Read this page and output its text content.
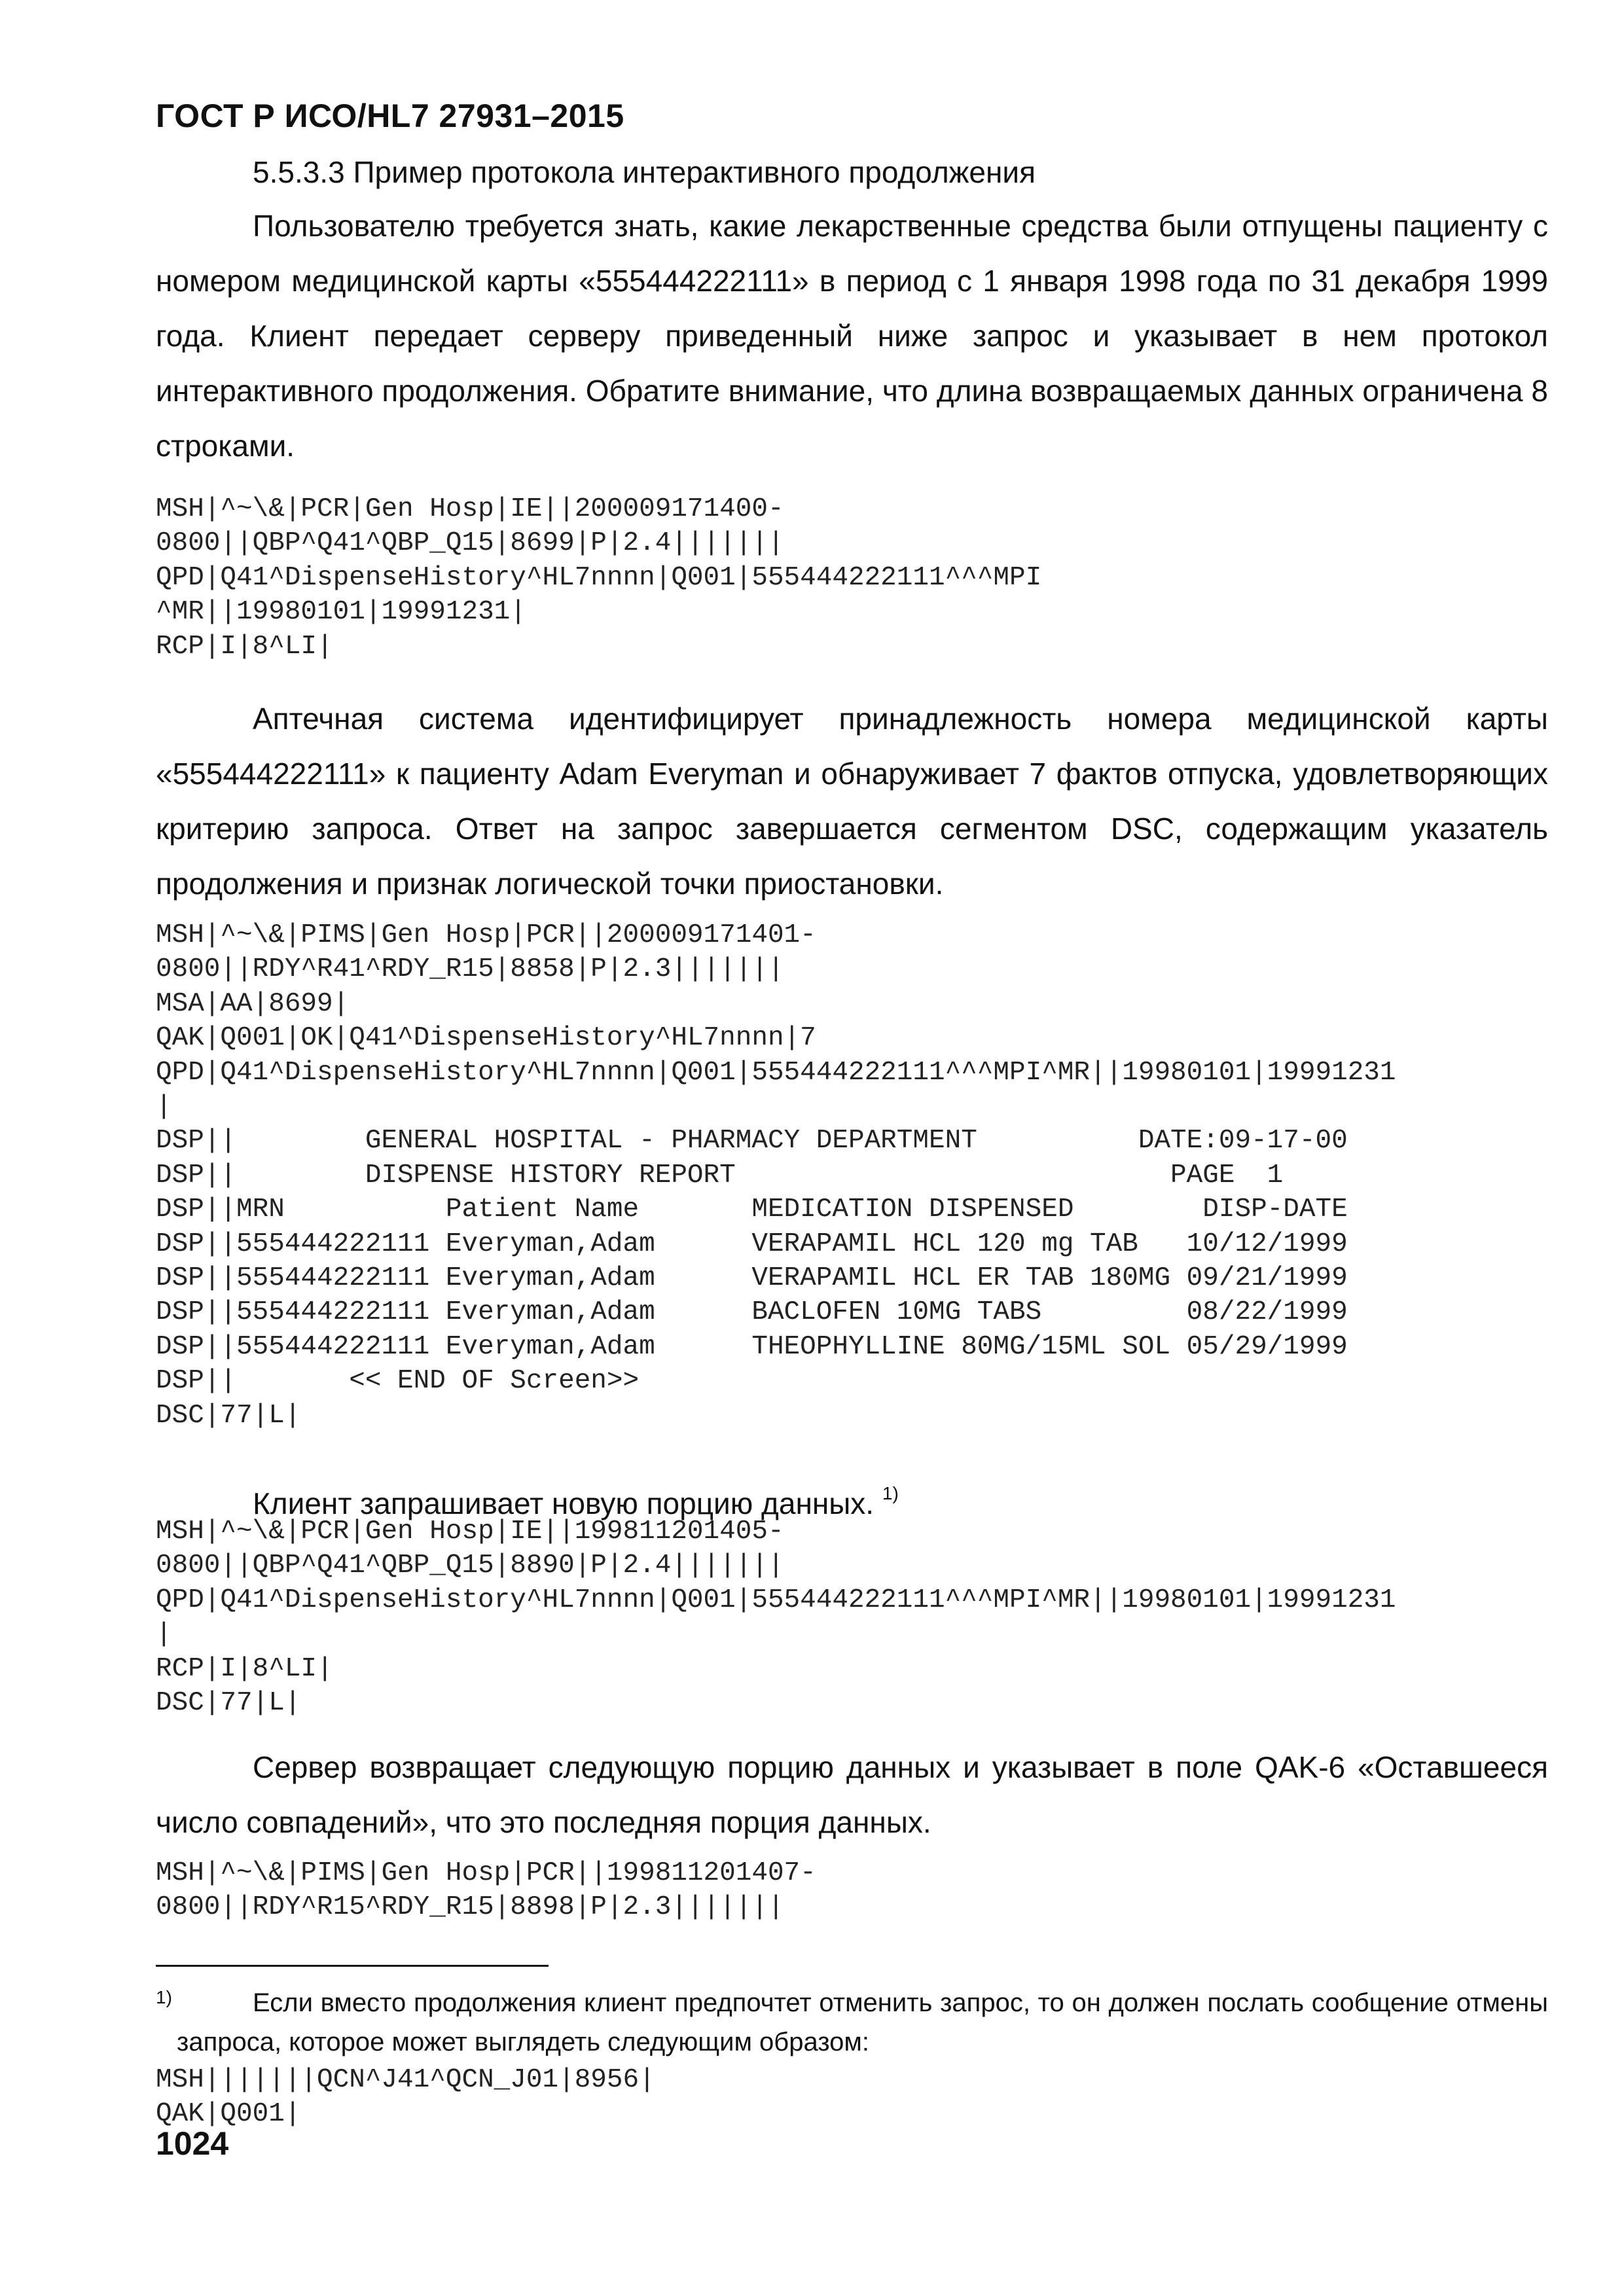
ГОСТ Р ИСО/HL7 27931–2015
5.5.3.3 Пример протокола интерактивного продолжения

Пользователю требуется знать, какие лекарственные средства были отпущены пациенту с номером медицинской карты «555444222111» в период с 1 января 1998 года по 31 декабря 1999 года. Клиент передает серверу приведенный ниже запрос и указывает в нем протокол интерактивного продолжения. Обратите внимание, что длина возвращаемых данных ограничена 8 строками.

MSH|^~\&|PCR|Gen Hosp|IE||200009171400-
0800||QBP^Q41^QBP_Q15|8699|P|2.4|||||||
QPD|Q41^DispenseHistory^HL7nnnn|Q001|555444222111^^^MPI
^MR||19980101|19991231|
RCP|I|8^LI|

Аптечная система идентифицирует принадлежность номера медицинской карты «555444222111» к пациенту Adam Everyman и обнаруживает 7 фактов отпуска, удовлетворяющих критерию запроса. Ответ на запрос завершается сегментом DSC, содержащим указатель продолжения и признак логической точки приостановки.

MSH|^~\&|PIMS|Gen Hosp|PCR||200009171401-
0800||RDY^R41^RDY_R15|8858|P|2.3|||||||
MSA|AA|8699|
QAK|Q001|OK|Q41^DispenseHistory^HL7nnnn|7
QPD|Q41^DispenseHistory^HL7nnnn|Q001|555444222111^^^MPI^MR||19980101|19991231
|
DSP||        GENERAL HOSPITAL - PHARMACY DEPARTMENT          DATE:09-17-00
DSP||        DISPENSE HISTORY REPORT                           PAGE  1
DSP||MRN          Patient Name       MEDICATION DISPENSED        DISP-DATE
DSP||555444222111 Everyman,Adam      VERAPAMIL HCL 120 mg TAB   10/12/1999
DSP||555444222111 Everyman,Adam      VERAPAMIL HCL ER TAB 180MG 09/21/1999
DSP||555444222111 Everyman,Adam      BACLOFEN 10MG TABS         08/22/1999
DSP||555444222111 Everyman,Adam      THEOPHYLLINE 80MG/15ML SOL 05/29/1999
DSP||       << END OF Screen>>
DSC|77|L|

Клиент запрашивает новую порцию данных. $^{1)}$

MSH|^~\&|PCR|Gen Hosp|IE||199811201405-
0800||QBP^Q41^QBP_Q15|8890|P|2.4|||||||
QPD|Q41^DispenseHistory^HL7nnnn|Q001|555444222111^^^MPI^MR||19980101|19991231
|
RCP|I|8^LI|
DSC|77|L|

Сервер возвращает следующую порцию данных и указывает в поле QAK-6 «Оставшееся число совпадений», что это последняя порция данных.

MSH|^~\&|PIMS|Gen Hosp|PCR||199811201407-
0800||RDY^R15^RDY_R15|8898|P|2.3|||||||
1)	Если вместо продолжения клиент предпочтет отменить запрос, то он должен послать сообщение отмены запроса, которое может выглядеть следующим образом:

MSH|||||||QCN^J41^QCN_J01|8956|
QAK|Q001|
1024
